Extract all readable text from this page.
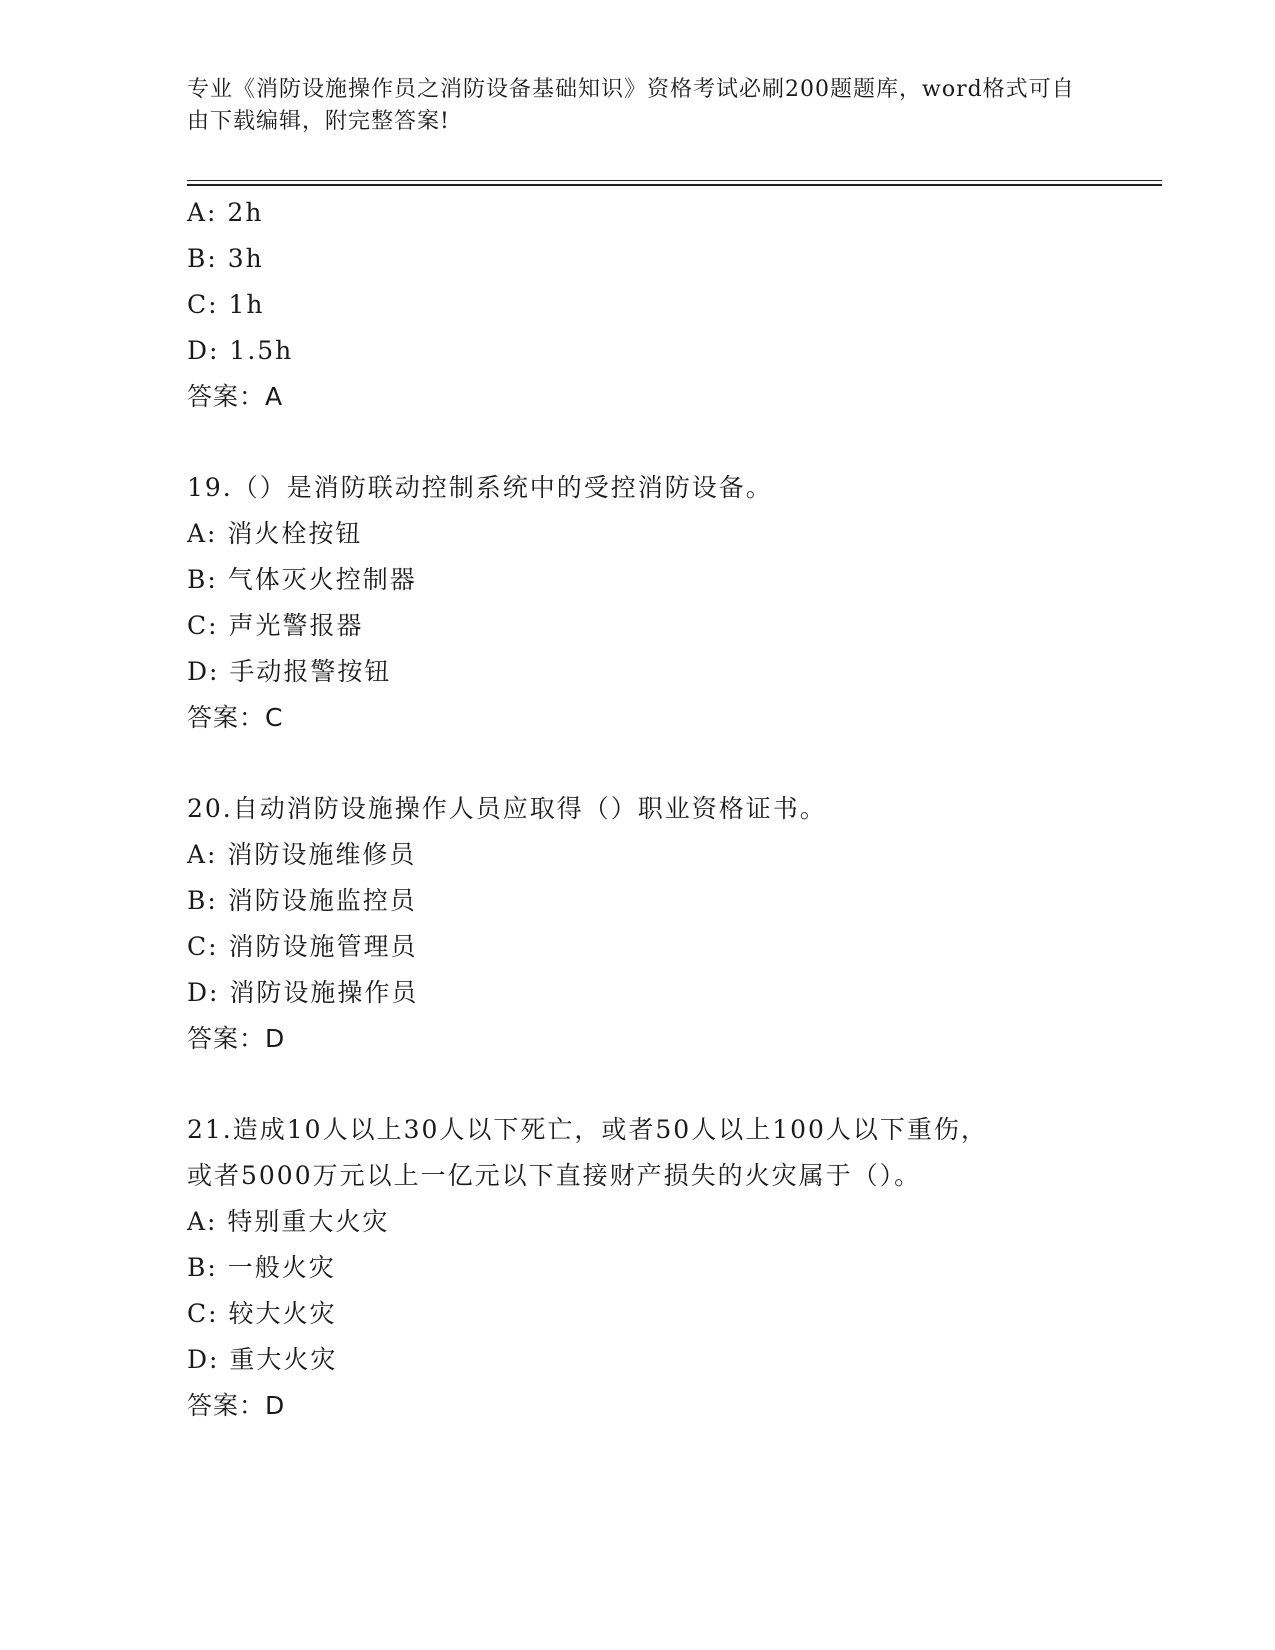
专业《消防设施操作员之消防设备基础知识》资格考试必刷200题题库，word格式可自由下载编辑，附完整答案!
A: 2h
B: 3h
C: 1h
D: 1.5h
答案：A
19.（）是消防联动控制系统中的受控消防设备。
A: 消火栓按钮
B: 气体灭火控制器
C: 声光警报器
D: 手动报警按钮
答案：C
20.自动消防设施操作人员应取得（）职业资格证书。
A: 消防设施维修员
B: 消防设施监控员
C: 消防设施管理员
D: 消防设施操作员
答案：D
21.造成10人以上30人以下死亡，或者50人以上100人以下重伤，
或者5000万元以上一亿元以下直接财产损失的火灾属于（）。
A: 特别重大火灾
B: 一般火灾
C: 较大火灾
D: 重大火灾
答案：D
